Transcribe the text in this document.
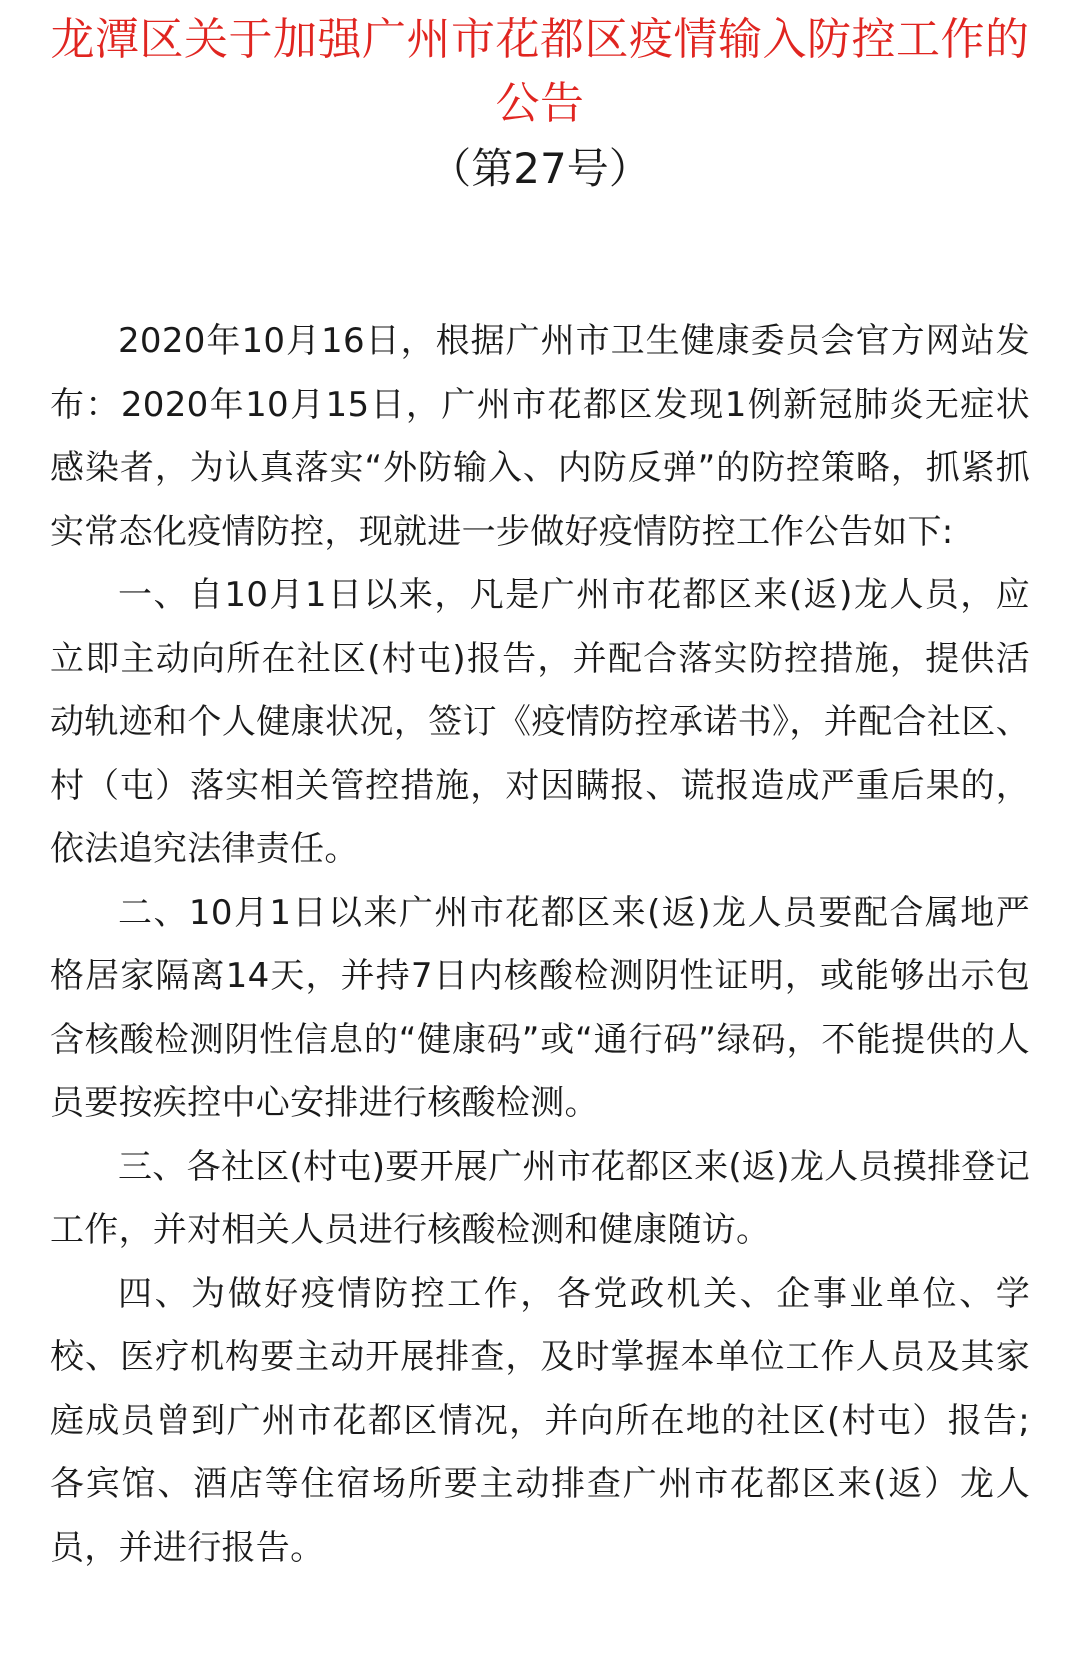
龙潭区关于加强广州市花都区疫情输入防控工作的公告
（第27号）

2020年10月16日，根据广州市卫生健康委员会官方网站发布：2020年10月15日，广州市花都区发现1例新冠肺炎无症状感染者，为认真落实“外防输入、内防反弹”的防控策略，抓紧抓实常态化疫情防控，现就进一步做好疫情防控工作公告如下:

一、自10月1日以来，凡是广州市花都区来(返)龙人员，应立即主动向所在社区(村屯)报告，并配合落实防控措施，提供活动轨迹和个人健康状况，签订《疫情防控承诺书》，并配合社区、村（屯）落实相关管控措施，对因瞒报、谎报造成严重后果的，依法追究法律责任。

二、10月1日以来广州市花都区来(返)龙人员要配合属地严格居家隔离14天，并持7日内核酸检测阴性证明，或能够出示包含核酸检测阴性信息的“健康码”或“通行码”绿码，不能提供的人员要按疾控中心安排进行核酸检测。

三、各社区(村屯)要开展广州市花都区来(返)龙人员摸排登记工作，并对相关人员进行核酸检测和健康随访。

四、为做好疫情防控工作，各党政机关、企事业单位、学校、医疗机构要主动开展排查，及时掌握本单位工作人员及其家庭成员曾到广州市花都区情况，并向所在地的社区(村屯）报告;各宾馆、酒店等住宿场所要主动排查广州市花都区来(返）龙人员，并进行报告。
